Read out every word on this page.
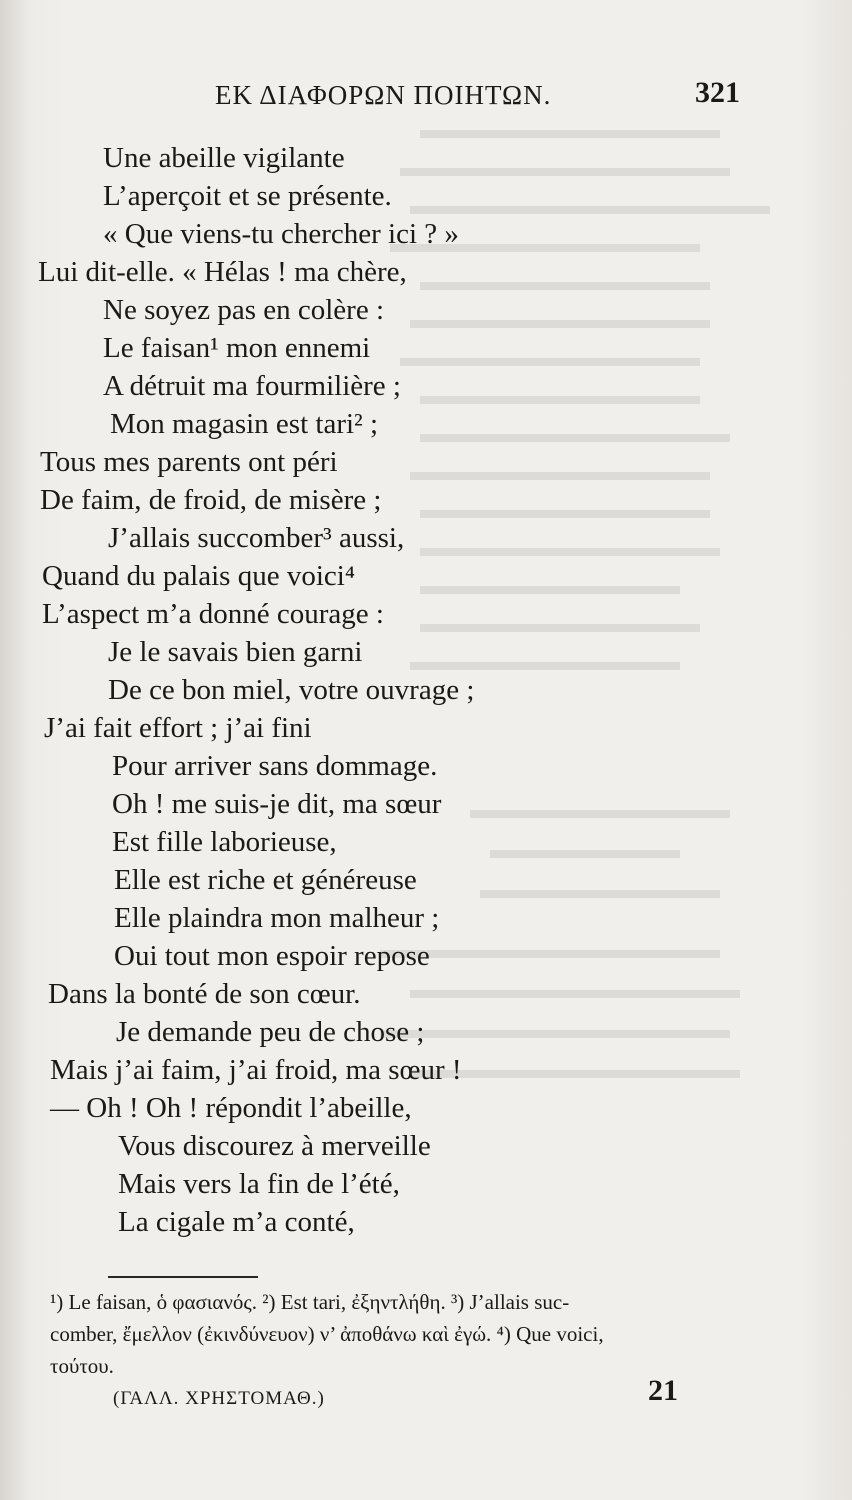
ΕΚ ΔΙΑΦΟΡΩΝ ΠΟΙΗΤΩΝ.	321
Une abeille vigilante
L’aperçoit et se présente.
« Que viens-tu chercher ici ? »
Lui dit-elle. « Hélas ! ma chère,
Ne soyez pas en colère :
Le faisan¹ mon ennemi
A détruit ma fourmilière ;
Mon magasin est tari² ;
Tous mes parents ont péri
De faim, de froid, de misère ;
J’allais succomber³ aussi,
Quand du palais que voici⁴
L’aspect m’a donné courage :
Je le savais bien garni
De ce bon miel, votre ouvrage ;
J’ai fait effort ; j’ai fini
Pour arriver sans dommage.
Oh ! me suis-je dit, ma sœur
Est fille laborieuse,
Elle est riche et généreuse
Elle plaindra mon malheur ;
Oui tout mon espoir repose
Dans la bonté de son cœur.
Je demande peu de chose ;
Mais j’ai faim, j’ai froid, ma sœur !
— Oh ! Oh ! répondit l’abeille,
Vous discourez à merveille
Mais vers la fin de l’été,
La cigale m’a conté,
¹) Le faisan, ὁ φασιανός. ²) Est tari, ἐξηντλήθη. ³) J’allais suc-
comber, ἔμελλον (ἐκινδύνευον) ν’ ἀποθάνω καὶ ἐγώ. ⁴) Que voici,
τούτου.
(ΓΑΛΛ. ΧΡΗΣΤΟΜΑΘ.)	21
